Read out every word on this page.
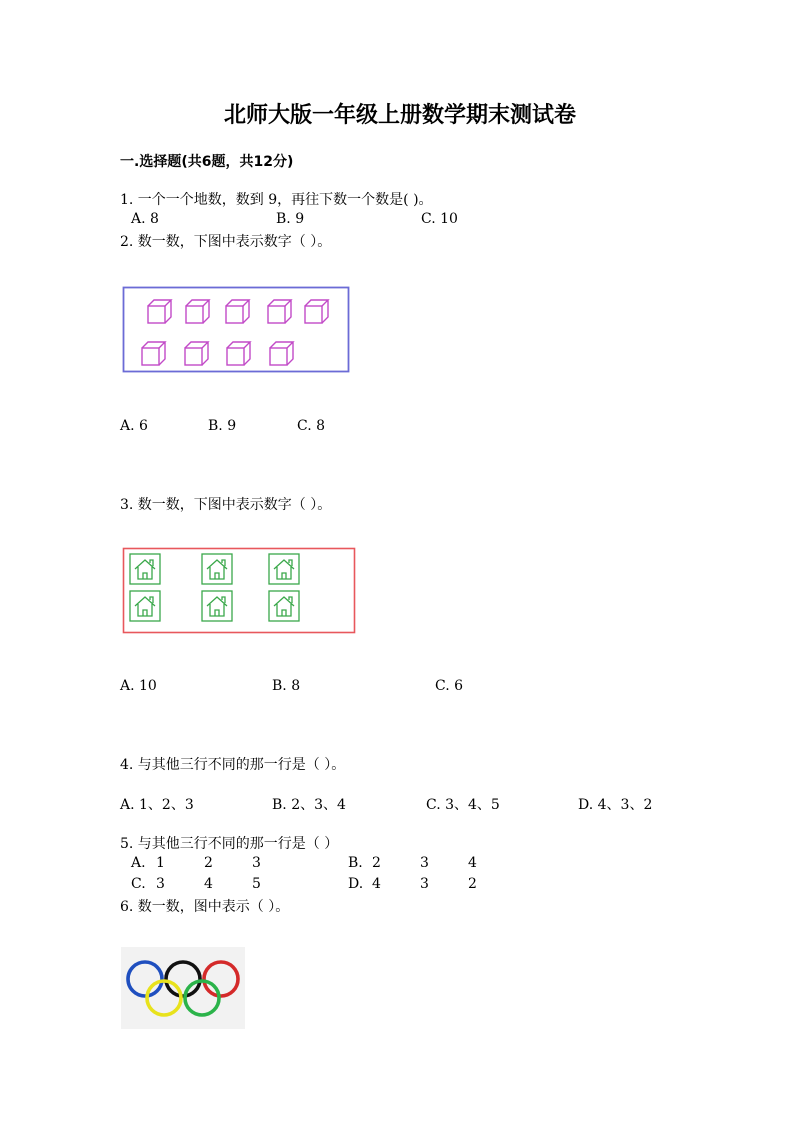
北师大版一年级上册数学期末测试卷
一.选择题(共6题，共12分)
1. 一个一个地数，数到 9，再往下数一个数是( )。
A. 8	B. 9	C. 10
2. 数一数，下图中表示数字（ ）。
A. 6	B. 9	C. 8
3. 数一数，下图中表示数字（ ）。
A. 10	B. 8	C. 6
4. 与其他三行不同的那一行是（ ）。
A. 1、2、3	B. 2、3、4	C. 3、4、5	D. 4、3、2
5. 与其他三行不同的那一行是（ ）
A. 1	2	3	B. 2	3	4
C. 3	4	5	D. 4	3	2
6. 数一数，图中表示（ ）。
